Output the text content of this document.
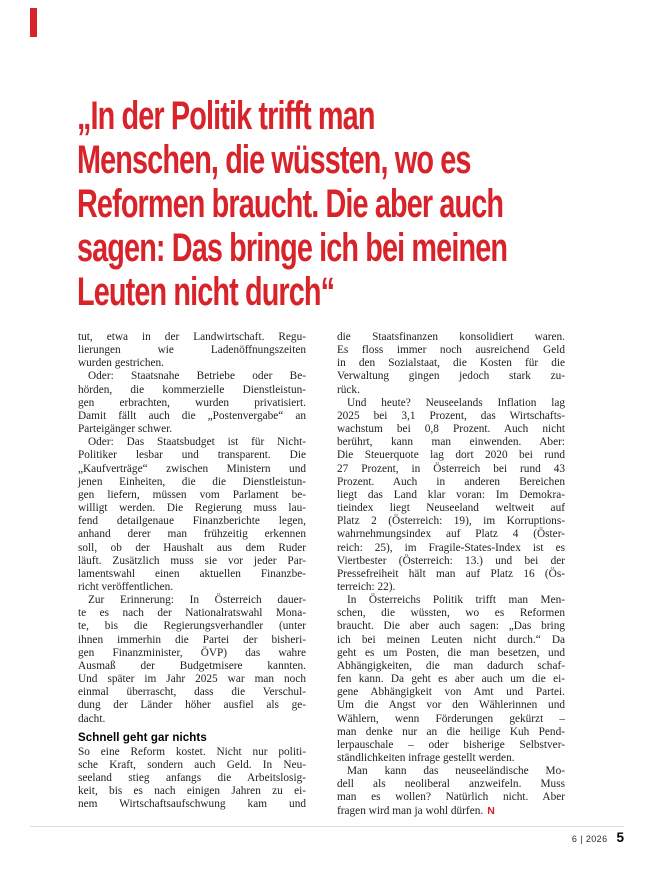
„In der Politik trifft man
Menschen, die wüssten, wo es
Reformen braucht. Die aber auch
sagen: Das bringe ich bei meinen
Leuten nicht durch“
tut, etwa in der Landwirtschaft. Regu-
lierungen wie Ladenöffnungszeiten
wurden gestrichen.
Oder: Staatsnahe Betriebe oder Be-
hörden, die kommerzielle Dienstleistun-
gen erbrachten, wurden privatisiert.
Damit fällt auch die „Postenvergabe“ an
Parteigänger schwer.
Oder: Das Staatsbudget ist für Nicht-
Politiker lesbar und transparent. Die
„Kaufverträge“ zwischen Ministern und
jenen Einheiten, die die Dienstleistun-
gen liefern, müssen vom Parlament be-
willigt werden. Die Regierung muss lau-
fend detailgenaue Finanzberichte legen,
anhand derer man frühzeitig erkennen
soll, ob der Haushalt aus dem Ruder
läuft. Zusätzlich muss sie vor jeder Par-
lamentswahl einen aktuellen Finanzbe-
richt veröffentlichen.
Zur Erinnerung: In Österreich dauer-
te es nach der Nationalratswahl Mona-
te, bis die Regierungsverhandler (unter
ihnen immerhin die Partei der bisheri-
gen Finanzminister, ÖVP) das wahre
Ausmaß der Budgetmisere kannten.
Und später im Jahr 2025 war man noch
einmal überrascht, dass die Verschul-
dung der Länder höher ausfiel als ge-
dacht.
Schnell geht gar nichts
So eine Reform kostet. Nicht nur politi-
sche Kraft, sondern auch Geld. In Neu-
seeland stieg anfangs die Arbeitslosig-
keit, bis es nach einigen Jahren zu ei-
nem Wirtschaftsaufschwung kam und
die Staatsfinanzen konsolidiert waren.
Es floss immer noch ausreichend Geld
in den Sozialstaat, die Kosten für die
Verwaltung gingen jedoch stark zu-
rück.
Und heute? Neuseelands Inflation lag
2025 bei 3,1 Prozent, das Wirtschafts-
wachstum bei 0,8 Prozent. Auch nicht
berührt, kann man einwenden. Aber:
Die Steuerquote lag dort 2020 bei rund
27 Prozent, in Österreich bei rund 43
Prozent. Auch in anderen Bereichen
liegt das Land klar voran: Im Demokra-
tieindex liegt Neuseeland weltweit auf
Platz 2 (Österreich: 19), im Korruptions-
wahrnehmungsindex auf Platz 4 (Öster-
reich: 25), im Fragile-States-Index ist es
Viertbester (Österreich: 13.) und bei der
Pressefreiheit hält man auf Platz 16 (Ös-
terreich: 22).
In Österreichs Politik trifft man Men-
schen, die wüssten, wo es Reformen
braucht. Die aber auch sagen: „Das bring
ich bei meinen Leuten nicht durch.“ Da
geht es um Posten, die man besetzen, und
Abhängigkeiten, die man dadurch schaf-
fen kann. Da geht es aber auch um die ei-
gene Abhängigkeit von Amt und Partei.
Um die Angst vor den Wählerinnen und
Wählern, wenn Förderungen gekürzt –
man denke nur an die heilige Kuh Pend-
lerpauschale – oder bisherige Selbstver-
ständlichkeiten infrage gestellt werden.
Man kann das neuseeländische Mo-
dell als neoliberal anzweifeln. Muss
man es wollen? Natürlich nicht. Aber
fragen wird man ja wohl dürfen. N
6 | 2026 5
